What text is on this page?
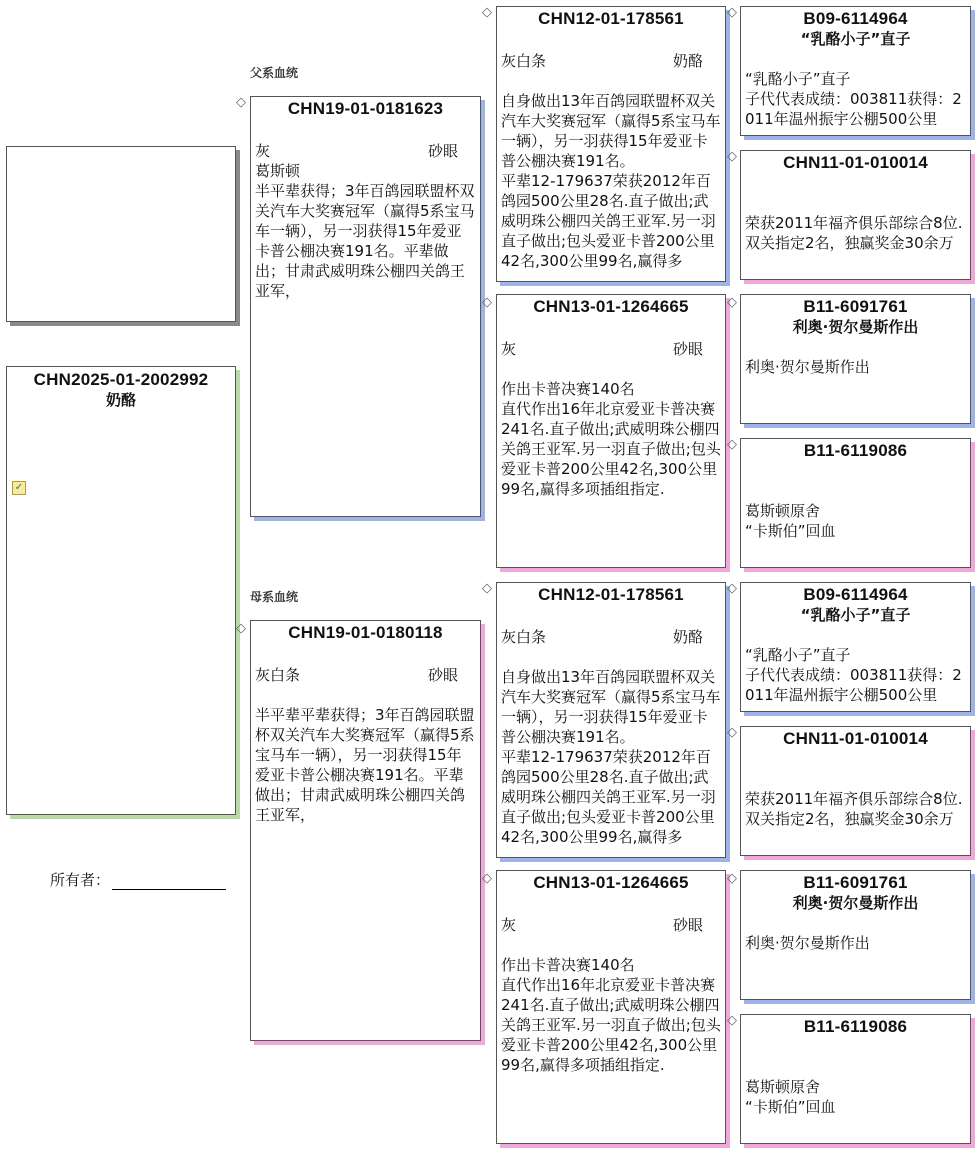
CHN2025-01-2002992
奶酪
✓
所有者：
父系血统
母系血统
◇
◇
CHN19-01-0181623
灰	砂眼
葛斯顿
半平辈获得；3年百鸽园联盟杯双关汽车大奖赛冠军（赢得5系宝马车一辆），另一羽获得15年爱亚卡普公棚决赛191名。平辈做出；甘肃武威明珠公棚四关鸽王亚军，
CHN19-01-0180118
灰白条	砂眼
半平辈平辈获得；3年百鸽园联盟杯双关汽车大奖赛冠军（赢得5系宝马车一辆），另一羽获得15年爱亚卡普公棚决赛191名。平辈做出；甘肃武威明珠公棚四关鸽王亚军，
◇
◇
◇
◇
CHN12-01-178561
灰白条	奶酪
自身做出13年百鸽园联盟杯双关汽车大奖赛冠军（赢得5系宝马车一辆），另一羽获得15年爱亚卡普公棚决赛191名。
平辈12-179637荣获2012年百鸽园500公里28名.直子做出;武威明珠公棚四关鸽王亚军.另一羽直子做出;包头爱亚卡普200公里42名,300公里99名,赢得多
CHN13-01-1264665
灰	砂眼
作出卡普决赛140名
直代作出16年北京爱亚卡普决赛241名.直子做出;武威明珠公棚四关鸽王亚军.另一羽直子做出;包头爱亚卡普200公里42名,300公里99名,赢得多项插组指定.
CHN12-01-178561
灰白条	奶酪
自身做出13年百鸽园联盟杯双关汽车大奖赛冠军（赢得5系宝马车一辆），另一羽获得15年爱亚卡普公棚决赛191名。
平辈12-179637荣获2012年百鸽园500公里28名.直子做出;武威明珠公棚四关鸽王亚军.另一羽直子做出;包头爱亚卡普200公里42名,300公里99名,赢得多
CHN13-01-1264665
灰	砂眼
作出卡普决赛140名
直代作出16年北京爱亚卡普决赛241名.直子做出;武威明珠公棚四关鸽王亚军.另一羽直子做出;包头爱亚卡普200公里42名,300公里99名,赢得多项插组指定.
◇
◇
◇
◇
◇
◇
◇
◇
B09-6114964
“乳酪小子”直子
“乳酪小子”直子
子代代表成绩：003811获得：2011年温州振宇公棚500公里
CHN11-01-010014
荣获2011年福齐俱乐部综合8位.
双关指定2名，独赢奖金30余万
B11-6091761
利奥·贺尔曼斯作出
利奥·贺尔曼斯作出
B11-6119086
葛斯顿原舍
“卡斯伯”回血
B09-6114964
“乳酪小子”直子
“乳酪小子”直子
子代代表成绩：003811获得：2011年温州振宇公棚500公里
CHN11-01-010014
荣获2011年福齐俱乐部综合8位.
双关指定2名，独赢奖金30余万
B11-6091761
利奥·贺尔曼斯作出
利奥·贺尔曼斯作出
B11-6119086
葛斯顿原舍
“卡斯伯”回血
